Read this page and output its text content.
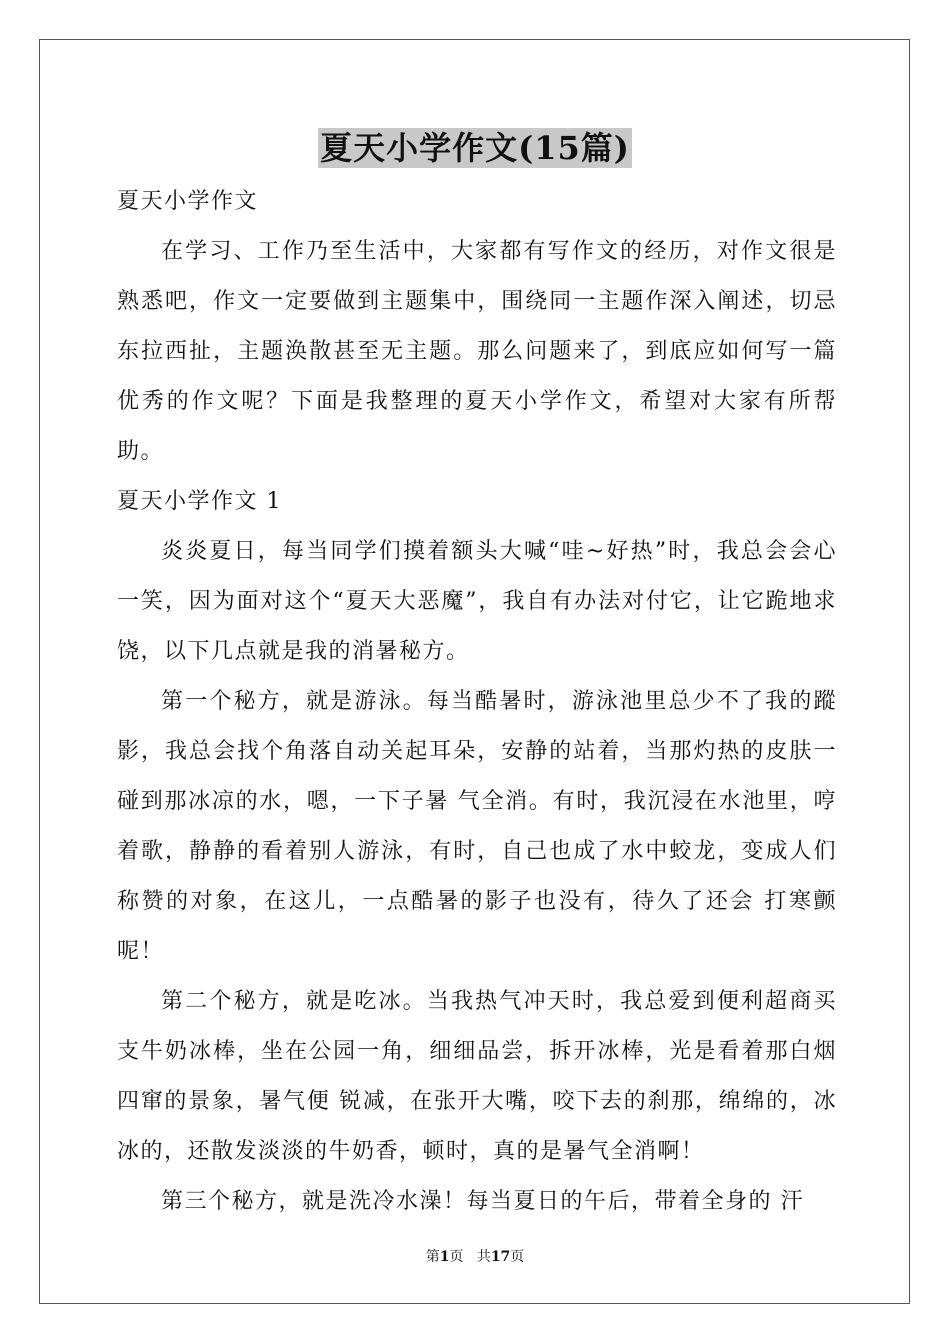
夏天小学作文(15篇)

夏天小学作文

在学习、工作乃至生活中，大家都有写作文的经历，对作文很是熟悉吧，作文一定要做到主题集中，围绕同一主题作深入阐述，切忌东拉西扯，主题涣散甚至无主题。那么问题来了，到底应如何写一篇优秀的作文呢？下面是我整理的夏天小学作文，希望对大家有所帮助。

夏天小学作文 1

炎炎夏日，每当同学们摸着额头大喊“哇~好热”时，我总会会心一笑，因为面对这个“夏天大恶魔”，我自有办法对付它，让它跪地求饶，以下几点就是我的消暑秘方。

第一个秘方，就是游泳。每当酷暑时，游泳池里总少不了我的蹤影，我总会找个角落自动关起耳朵，安静的站着，当那灼热的皮肤一碰到那冰凉的水，嗯，一下子暑 气全消。有时，我沉浸在水池里，哼着歌，静静的看着别人游泳，有时，自己也成了水中蛟龙，变成人们称赞的对象，在这儿，一点酷暑的影子也没有，待久了还会 打寒颤呢！

第二个秘方，就是吃冰。当我热气冲天时，我总爱到便利超商买支牛奶冰棒，坐在公园一角，细细品尝，拆开冰棒，光是看着那白烟四窜的景象，暑气便 锐减，在张开大嘴，咬下去的刹那，绵绵的，冰冰的，还散发淡淡的牛奶香，顿时，真的是暑气全消啊！

第三个秘方，就是洗冷水澡！每当夏日的午后，带着全身的 汗

第1页 共17页
